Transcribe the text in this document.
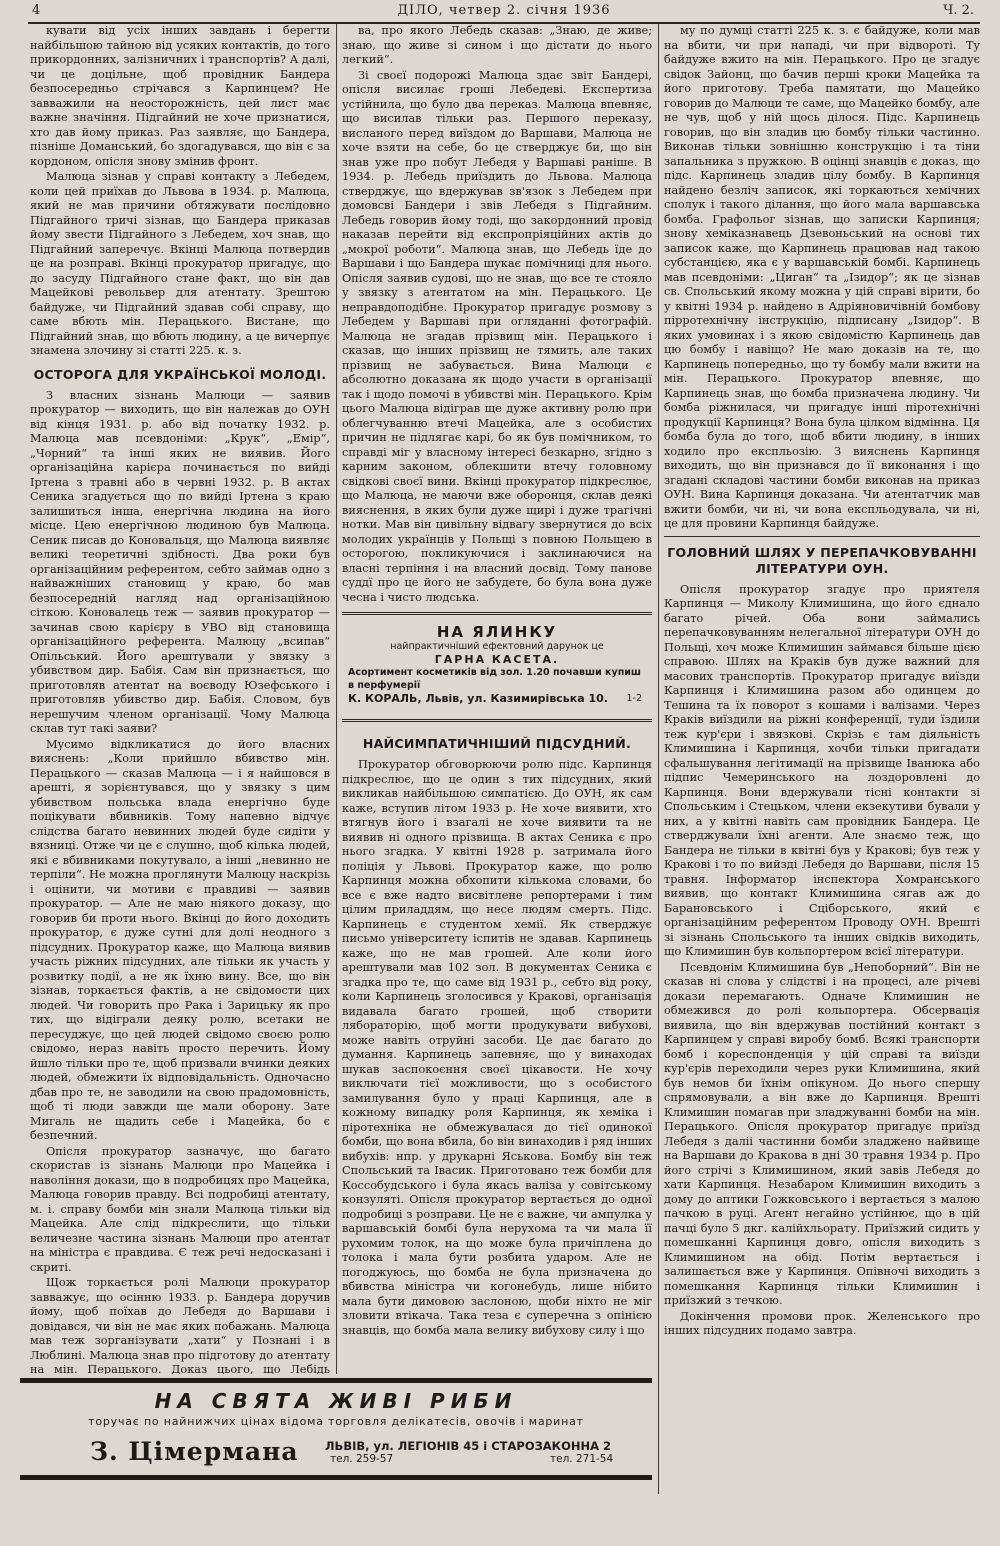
4	ДІЛО, четвер 2. січня 1936	Ч. 2.

кувати від усіх інших завдань і берегти найбільшою тайною від усяких контактів, до того прикордонних, залізничних і транспортів? А далі, чи це доцільне, щоб провідник Бандера безпосередньо стрічався з Карпинцем? Не завважили на неосторожність, цей лист має важне значіння. Підгайний не хоче признатися, хто дав йому приказ. Раз заявляє, що Бандера, пізніше Доманський, бо здогадувався, що він є за кордоном, опісля знову змінив фронт.

Малюца зізнав у справі контакту з Лебедем, коли цей приїхав до Львова в 1934. р. Малюца, який не мав причини обтяжувати послідовно Підгайного тричі зізнав, що Бандера приказав йому звести Підгайного з Лебедем, хоч знав, що Підгайний заперечує. Вкінці Малюца потвердив це на розправі. Вкінці прокуратор пригадує, що до засуду Підгайного стане факт, що він дав Мацейкові револьвер для атентату. Зрештою байдуже, чи Підгайний здавав собі справу, що саме вбють мін. Перацького. Вистане, що Підгайний знав, що вбють людину, а це вичерпує знамена злочину зі статті 225. к. з.

ОСТОРОГА ДЛЯ УКРАЇНСЬКОЇ МОЛОДІ.

З власних зізнань Малюци — заявив прокуратор — виходить, що він належав до ОУН від кінця 1931. р. або від початку 1932. р. Малюца мав псевдоніми: „Крук“, „Емір“, „Чорний“ та інші яких не виявив. Його організаційна карієра починається по вийді Іртена з травні або в червні 1932. р. В актах Сеника згадується що по вийді Іртена з краю залишиться інша, енергічна людина на його місце. Цею енергічною людиною був Малюца. Сеник писав до Коновальця, що Малюца виявляє великі теоретичні здібності. Два роки був організаційним референтом, себто займав одно з найважніших становищ у краю, бо мав безпосередній нагляд над організаційною сіткою. Коновалець теж — заявив прокуратор — зачинав свою карієру в УВО від становища організаційного референта. Малюцу „всипав“ Опільський. Його арештували у звязку з убивством дир. Бабія. Сам він признається, що приготовляв атентат на воєводу Юзефського і приготовляв убивство дир. Бабія. Словом, був нерешучим членом організації. Чому Малюца склав тут такі заяви?

Мусимо відкликатися до його власних вияснень: „Коли прийшло вбивство мін. Перацького — сказав Малюца — і я найшовся в арешті, я зорієнтувався, що у звязку з цим убивством польська влада енергічно буде поцікувати вбивників. Тому напевно відчує слідства багато невинних людей буде сидіти у вязниці. Отже чи це є слушно, щоб кілька людей, які є вбивниками покутувало, а інші „невинно не терпіли“. Не можна проглянути Малюцу наскрізь і оцінити, чи мотиви є правдиві — заявив прокуратор. — Але не маю ніякого доказу, що говорив би проти нього. Вкінці до його доходить прокуратор, є дуже сутні для долі неодного з підсудних. Прокуратор каже, що Малюца виявив участь ріжних підсудних, але тільки як участь у розвитку події, а не як їхню вину. Все, що він зізнав, торкається фактів, а не свідомости цих людей. Чи говорить про Рака і Зарицьку як про тих, що відіграли деяку ролю, всетаки не пересуджує, що цей людей свідомо своєю ролю свідомо, нераз навіть просто перечить. Йому йшло тільки про те, щоб призвали вчинки деяких людей, обмежити їх відповідальність. Одночасно дбав про те, не заводили на свою прадомовність, щоб ті люди завжди ще мали оборону. Зате Мигаль не щадить себе і Мацейка, бо є безпечний.

Опісля прокуратор зазначує, що багато скористав із зізнань Малюци про Мацейка і навоління докази, що в подробицях про Мацейка, Малюца говорив правду. Всі подробиці атентату, м. і. справу бомби мін знали Малюца тільки від Мацейка. Але слід підкреслити, що тільки величезне частина зізнань Малюци про атентат на міністра є правдива. Є теж речі недосказані і скриті.

Щож торкається ролі Малюци прокуратор завважує, що осінню 1933. р. Бандера доручив йому, щоб поїхав до Лебедя до Варшави і довідався, чи він не має яких побажань. Малюца мав теж зорганізувати „хати“ у Познані і в Люблині. Малюца знав про підготову до атентату на мін. Перацького. Доказ цього, що Лебідь

ва, про якого Лебедь сказав: „Знаю, де живе; знаю, що живе зі сином і що дістати до нього легкий“.

Зі своєї подорожі Малюца здає звіт Бандері, опісля висилає гроші Лебедеві. Експертиза устійнила, що було два переказ. Малюца впевняє, що висилав тільки раз. Першого переказу, висланого перед виїздом до Варшави, Малюца не хоче взяти на себе, бо це стверджує би, що він знав уже про побут Лебедя у Варшаві раніше. В 1934. р. Лебедь приїздить до Львова. Малюца стверджує, що вдержував зв'язок з Лебедем при домовсві Бандери і звів Лебедя з Підгайним. Лебедь говорив йому тоді, що закордонний провід наказав перейти від експропріяційних актів до „мокрої роботи“. Малюца знав, що Лебедь їде до Варшави і що Бандера шукає помічниці для нього. Опісля заявив судові, що не знав, що все те стояло у звязку з атентатом на мін. Перацького. Це неправдоподібне. Прокуратор пригадує розмову з Лебедем у Варшаві при огляданні фотографій. Малюца не згадав прізвищ мін. Перацького і сказав, що інших прізвищ не тямить, але таких прізвищ не забувається. Вина Малюци є абсолютно доказана як щодо участи в організації так і щодо помочі в убивстві мін. Перацького. Крім цього Малюца відіграв ще дуже активну ролю при облегчуванню втечі Мацейка, але з особистих причин не підлягає карі, бо як був помічником, то справді міг у власному інтересі безкарно, згідно з карним законом, облекшити втечу головному свідкові своєї вини. Вкінці прокуратор підкреслює, що Малюца, не маючи вже оборонця, склав деякі вияснення, в яких були дуже щирі і дуже трагічні нотки. Мав він цивільну відвагу звернутися до всіх молодих українців у Польщі з повною Польщею в осторогою, покликуючися і заклинаючися на власні терпіння і на власний досвід. Тому панове суддї про це його не забудете, бо була вона дуже чесна і чисто людська.

НА ЯЛИНКУ
найпрактичніший ефектовний дарунок це
ГАРНА КАСЕТА.
Асортимент косметиків від зол. 1.20 почавши купиш
в перфумерії
К. КОРАЛЬ, Львів, ул. Казимирівська 10. 1-2
НАЙСИМПАТИЧНІШИЙ ПІДСУДНИЙ.

Прокуратор обговорюючи ролю підс. Карпинця підкреслює, що це один з тих підсудних, який викликав найбільшою симпатією. До ОУН, як сам каже, вступив літом 1933 р. Не хоче виявити, хто втягнув його і взагалі не хоче виявити та не виявив ні одного прізвища. В актах Сеника є про нього згадка. У квітні 1928 р. затримала його поліція у Львові. Прокуратор каже, що ролю Карпинця можна обхопити кількома словами, бо все є вже надто висвітлене репортерами і тим цілим приладдям, що несе людям смерть. Підс. Карпинець є студентом хемії. Як стверджує письмо університету іспитів не здавав. Карпинець каже, що не мав грошей. Але коли його арештували мав 102 зол. В документах Сеника є згадка про те, що саме від 1931 р., себто від року, коли Карпинець зголосився у Кракові, організація видавала багато грошей, щоб створити лябораторію, щоб могти продукувати вибухові, може навіть отруйні засоби. Це дає багато до думання. Карпинець запевняє, що у винаходах шукав заспокоєння своєї цікавости. Не хочу виключати тієї можливости, що з особистого замилування було у праці Карпинця, але в кожному випадку роля Карпинця, як хеміка і піротехніка не обмежувалася до тієї одинокої бомби, що вона вбила, бо він винаходив і ряд інших вибухів: нпр. у друкарні Яськова. Бомбу він теж Спольський та Івасик. Приготовано теж бомби для Коссобудського і була якась валіза у совітському конзуляті. Опісля прокуратор вертається до одної подробиці з розправи. Це не є важне, чи ампулка у варшавській бомбі була нерухома та чи мала її рухомим толок, на що може була причіплена до толока і мала бути розбита ударом. Але не погоджуюсь, що бомба не була призначена до вбивства міністра чи когонебудь, лише нібито мала бути димовою заслоною, щоби ніхто не міг зловити втікача. Така теза є суперечна з опінією знавців, що бомба мала велику вибухову силу і що

му по думці статті 225 к. з. є байдуже, коли мав на вбити, чи при нападі, чи при відвороті. Ту байдуже вжито на мін. Перацького. Про це згадує свідок Зайонц, що бачив перші кроки Мацейка та його приготову. Треба памятати, що Мацейко говорив до Малюци те саме, що Мацейко бомбу, але не чув, щоб у ній щось ділося. Підс. Карпинець говорив, що він зладив цю бомбу тільки частинно. Виконав тільки зовнішню конструкцію і та тіни запальника з пружкою. В оцінці знавців є доказ, що підс. Карпинець зладив цілу бомбу. В Карпинця найдено безліч записок, які торкаються хемічних сполук і такого ділання, що його мала варшавська бомба. Графольог зізнав, що записки Карпинця; знову хеміказнавець Дзевоньський на основі тих записок каже, що Карпинець працював над такою субстанцією, яка є у варшавській бомбі. Карпинець мав псевдоніми: „Циган“ та „Ізидор“; як це зізнав св. Спольський якому можна у цій справі вірити, бо у квітні 1934 р. найдено в Адріяновичівній бомбову пірротехнічну інструкцію, підписану „Ізидор“. В яких умовинах і з якою свідомістю Карпинець дав цю бомбу і навіщо? Не маю доказів на те, що Карпинець попередньо, що ту бомбу мали вжити на мін. Перацького. Прокуратор впевняє, що Карпинець знав, що бомба призначена людину. Чи бомба ріжнилася, чи пригадує інші піротехнічні продукції Карпинця? Вона була цілком відмінна. Ця бомба була до того, щоб вбити людину, в інших ходило про експльозію. З вияснень Карпинця виходить, що він признався до її виконання і що згадані складові частини бомби виконав на приказ ОУН. Вина Карпинця доказана. Чи атентатчик мав вжити бомби, чи ні, чи вона експльодувала, чи ні, це для провини Карпинця байдуже.

ГОЛОВНИЙ ШЛЯХ У ПЕРЕПАЧКОВУВАННІ ЛІТЕРАТУРИ ОУН.

Опісля прокуратор згадує про приятеля Карпинця — Миколу Климишина, що його єднало багато річей. Оба вони займались перепачковуванням нелегальної літератури ОУН до Польщі, хоч може Климишин займався більше цією справою. Шлях на Краків був дуже важний для масових транспортів. Прокуратор пригадує виїзди Карпинця і Климишина разом або одинцем до Тешина та їх поворот з кошами і валізами. Через Краків виїздили на ріжні конференції, туди їздили теж кур'єри і звязкові. Скрізь є там діяльність Климишина і Карпинця, хочби тільки пригадати сфальшування легітимації на прізвище Іванюка або підпис Чемеринського на лоздоровлені до Карпинця. Вони вдержували тісні контакти зі Спольським і Стецьком, члени екзекутиви бували у них, а у квітні навіть сам провідник Бандера. Це стверджували їхні агенти. Але знаємо теж, що Бандера не тільки в квітні був у Кракові; був теж у Кракові і то по вийзді Лебедя до Варшави, після 15 травня. Інформатор інспектора Хомранського виявив, що контакт Климишина сягав аж до Барановського і Сціборського, який є організаційним референтом Проводу ОУН. Врешті зі зізнань Спольського та інших свідків виходить, що Климишин був кольпортером всієї літератури.

Псевдонім Климишина був „Непоборний“. Він не сказав ні слова у слідстві і на процесі, але річеві докази перемагають. Одначе Климишин не обмежився до ролі кольпортера. Обсервація виявила, що він вдержував постійний контакт з Карпинцем у справі виробу бомб. Всякі транспорти бомб і кореспонденція у цій справі та виїзди кур'єрів переходили через руки Климишина, який був немов би їхнім опікуном. До нього спершу спрямовували, а він вже до Карпинця. Врешті Климишин помагав при зладжуванні бомби на мін. Перацького. Опісля прокуратор пригадує приїзд Лебедя з даліі частинни бомби зладжено найвище на Варшави до Кракова в дні 30 травня 1934 р. Про його стрічі з Климишином, який завів Лебедя до хати Карпинця. Незабаром Климишин виходить з дому до аптики Гожковського і вертається з малою пачкою в руці. Агент негайно устійнює, що в цій пачці було 5 дкг. калійхльорату. Приїзжий сидить у помешканні Карпинця довго, опісля виходить з Климишином на обід. Потім вертається і залишається вже у Карпинця. Опівночі виходить з помешкання Карпинця тільки Климишин і приїзжий з течкою.

Докінчення промови прок. Желенського про інших підсудних подамо завтра.

НА СВЯТА ЖИВІ РИБИ
торучає по найнижчих цінах відома торговля делікатесів, овочів і маринат
З. Цімермана ЛЬВІВ, ул. ЛЕГІОНІВ 45 і СТАРОЗАКОННА 2
тел. 259-57	тел. 271-54
